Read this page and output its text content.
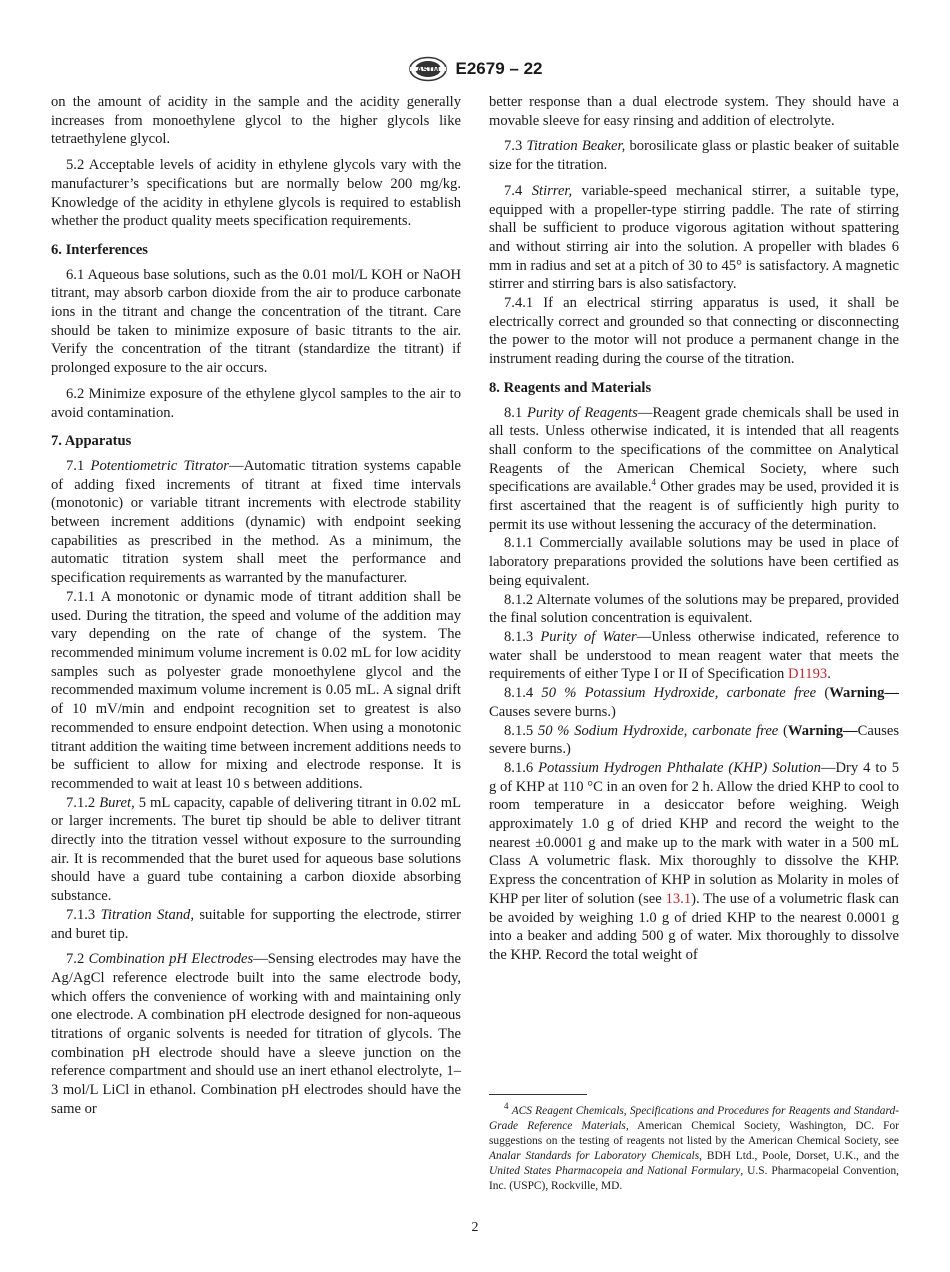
ASTM E2679 – 22

on the amount of acidity in the sample and the acidity generally increases from monoethylene glycol to the higher glycols like tetraethylene glycol.

5.2 Acceptable levels of acidity in ethylene glycols vary with the manufacturer’s specifications but are normally below 200 mg/kg. Knowledge of the acidity in ethylene glycols is required to establish whether the product quality meets specification requirements.

6. Interferences

6.1 Aqueous base solutions, such as the 0.01 mol/L KOH or NaOH titrant, may absorb carbon dioxide from the air to produce carbonate ions in the titrant and change the concentration of the titrant. Care should be taken to minimize exposure of basic titrants to the air. Verify the concentration of the titrant (standardize the titrant) if prolonged exposure to the air occurs.

6.2 Minimize exposure of the ethylene glycol samples to the air to avoid contamination.

7. Apparatus

7.1 Potentiometric Titrator—Automatic titration systems capable of adding fixed increments of titrant at fixed time intervals (monotonic) or variable titrant increments with electrode stability between increment additions (dynamic) with endpoint seeking capabilities as prescribed in the method. As a minimum, the automatic titration system shall meet the performance and specification requirements as warranted by the manufacturer.

7.1.1 A monotonic or dynamic mode of titrant addition shall be used. During the titration, the speed and volume of the addition may vary depending on the rate of change of the system. The recommended minimum volume increment is 0.02 mL for low acidity samples such as polyester grade monoethylene glycol and the recommended maximum volume increment is 0.05 mL. A signal drift of 10 mV/min and endpoint recognition set to greatest is also recommended to ensure endpoint detection. When using a monotonic titrant addition the waiting time between increment additions needs to be sufficient to allow for mixing and electrode response. It is recommended to wait at least 10 s between additions.

7.1.2 Buret, 5 mL capacity, capable of delivering titrant in 0.02 mL or larger increments. The buret tip should be able to deliver titrant directly into the titration vessel without exposure to the surrounding air. It is recommended that the buret used for aqueous base solutions should have a guard tube containing a carbon dioxide absorbing substance.

7.1.3 Titration Stand, suitable for supporting the electrode, stirrer and buret tip.

7.2 Combination pH Electrodes—Sensing electrodes may have the Ag/AgCl reference electrode built into the same electrode body, which offers the convenience of working with and maintaining only one electrode. A combination pH electrode designed for non-aqueous titrations of organic solvents is needed for titration of glycols. The combination pH electrode should have a sleeve junction on the reference compartment and should use an inert ethanol electrolyte, 1–3 mol/L LiCl in ethanol. Combination pH electrodes should have the same or

better response than a dual electrode system. They should have a movable sleeve for easy rinsing and addition of electrolyte.

7.3 Titration Beaker, borosilicate glass or plastic beaker of suitable size for the titration.

7.4 Stirrer, variable-speed mechanical stirrer, a suitable type, equipped with a propeller-type stirring paddle. The rate of stirring shall be sufficient to produce vigorous agitation without spattering and without stirring air into the solution. A propeller with blades 6 mm in radius and set at a pitch of 30 to 45° is satisfactory. A magnetic stirrer and stirring bars is also satisfactory.

7.4.1 If an electrical stirring apparatus is used, it shall be electrically correct and grounded so that connecting or disconnecting the power to the motor will not produce a permanent change in the instrument reading during the course of the titration.

8. Reagents and Materials

8.1 Purity of Reagents—Reagent grade chemicals shall be used in all tests. Unless otherwise indicated, it is intended that all reagents shall conform to the specifications of the committee on Analytical Reagents of the American Chemical Society, where such specifications are available.$^4$ Other grades may be used, provided it is first ascertained that the reagent is of sufficiently high purity to permit its use without lessening the accuracy of the determination.

8.1.1 Commercially available solutions may be used in place of laboratory preparations provided the solutions have been certified as being equivalent.

8.1.2 Alternate volumes of the solutions may be prepared, provided the final solution concentration is equivalent.

8.1.3 Purity of Water—Unless otherwise indicated, reference to water shall be understood to mean reagent water that meets the requirements of either Type I or II of Specification D1193.

8.1.4 50 % Potassium Hydroxide, carbonate free (Warning—Causes severe burns.)

8.1.5 50 % Sodium Hydroxide, carbonate free (Warning—Causes severe burns.)

8.1.6 Potassium Hydrogen Phthalate (KHP) Solution—Dry 4 to 5 g of KHP at 110 °C in an oven for 2 h. Allow the dried KHP to cool to room temperature in a desiccator before weighing. Weigh approximately 1.0 g of dried KHP and record the weight to the nearest ±0.0001 g and make up to the mark with water in a 500 mL Class A volumetric flask. Mix thoroughly to dissolve the KHP. Express the concentration of KHP in solution as Molarity in moles of KHP per liter of solution (see 13.1). The use of a volumetric flask can be avoided by weighing 1.0 g of dried KHP to the nearest 0.0001 g into a beaker and adding 500 g of water. Mix thoroughly to dissolve the KHP. Record the total weight of

$^4$ ACS Reagent Chemicals, Specifications and Procedures for Reagents and Standard-Grade Reference Materials, American Chemical Society, Washington, DC. For suggestions on the testing of reagents not listed by the American Chemical Society, see Analar Standards for Laboratory Chemicals, BDH Ltd., Poole, Dorset, U.K., and the United States Pharmacopeia and National Formulary, U.S. Pharmacopeial Convention, Inc. (USPC), Rockville, MD.
2
